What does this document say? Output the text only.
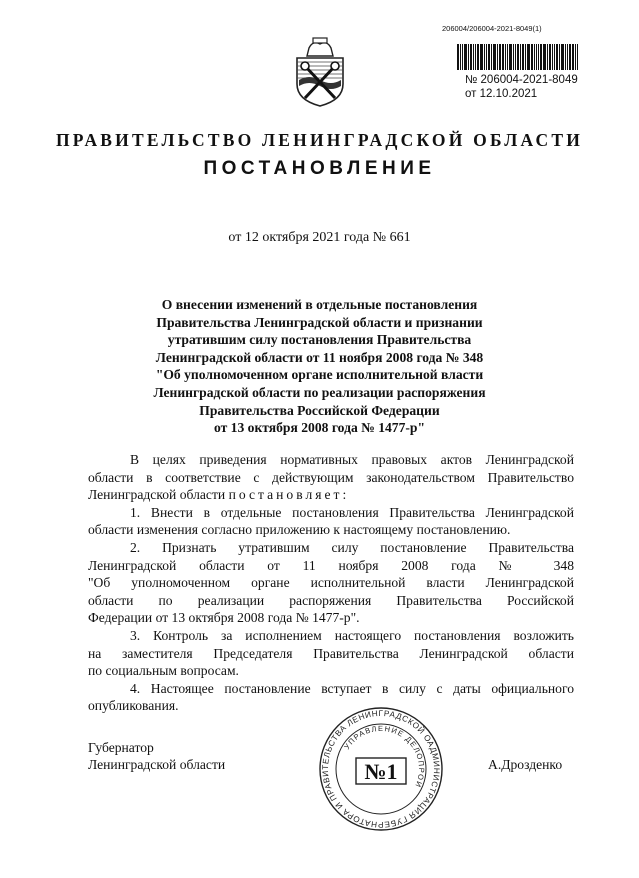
206004/206004-2021-8049(1)
№ 206004-2021-8049
от 12.10.2021
ПРАВИТЕЛЬСТВО ЛЕНИНГРАДСКОЙ ОБЛАСТИ
ПОСТАНОВЛЕНИЕ
от 12 октября 2021 года № 661
О внесении изменений в отдельные постановления
Правительства Ленинградской области и признании
утратившим силу постановления Правительства
Ленинградской области от 11 ноября 2008 года № 348
"Об уполномоченном органе исполнительной власти
Ленинградской области по реализации распоряжения
Правительства Российской Федерации
от 13 октября 2008 года № 1477-р"
В целях приведения нормативных правовых актов Ленинградской
области в соответствие с действующим законодательством Правительство
Ленинградской области постановляет:
1. Внести в отдельные постановления Правительства Ленинградской
области изменения согласно приложению к настоящему постановлению.
2. Признать утратившим силу постановление Правительства
Ленинградской области от 11 ноября 2008 года № 348
"Об уполномоченном органе исполнительной власти Ленинградской
области по реализации распоряжения Правительства Российской
Федерации от 13 октября 2008 года № 1477-р".
3. Контроль за исполнением настоящего постановления возложить
на заместителя Председателя Правительства Ленинградской области
по социальным вопросам.
4. Настоящее постановление вступает в силу с даты официального
опубликования.
Губернатор
Ленинградской области	А.Дрозденко
АДМИНИСТРАЦИЯ ГУБЕРНАТОРА И ПРАВИТЕЛЬСТВА ЛЕНИНГРАДСКОЙ ОБЛАСТИ
УПРАВЛЕНИЕ ДЕЛОПРОИЗВОДСТВА
№1
